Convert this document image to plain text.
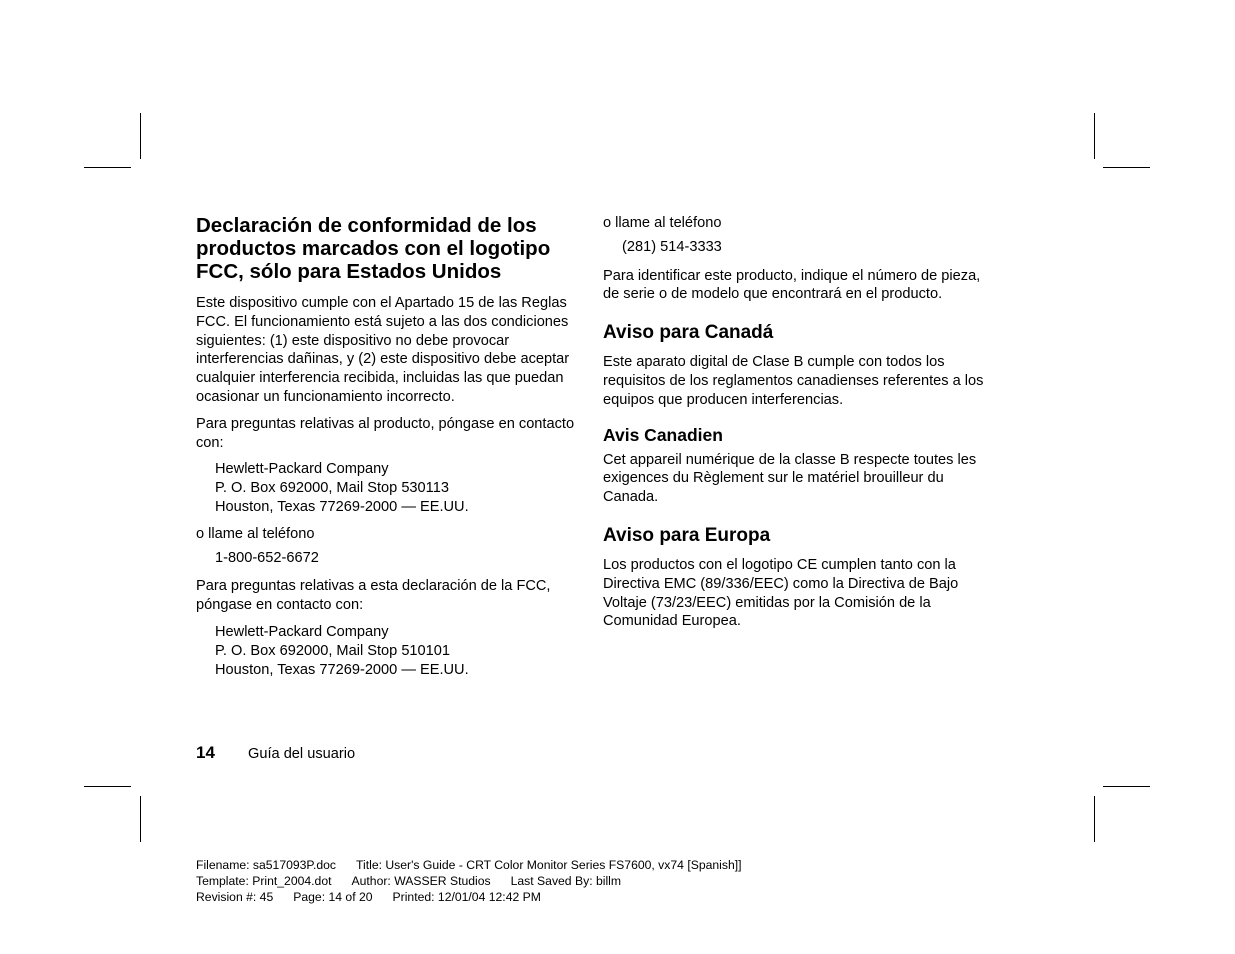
Declaración de conformidad de los productos marcados con el logotipo FCC, sólo para Estados Unidos

Este dispositivo cumple con el Apartado 15 de las Reglas FCC. El funcionamiento está sujeto a las dos condiciones siguientes: (1) este dispositivo no debe provocar interferencias dañinas, y (2) este dispositivo debe aceptar cualquier interferencia recibida, incluidas las que puedan ocasionar un funcionamiento incorrecto.

Para preguntas relativas al producto, póngase en contacto con:

Hewlett-Packard Company
P. O. Box 692000, Mail Stop 530113
Houston, Texas 77269-2000 — EE.UU.

o llame al teléfono

1-800-652-6672

Para preguntas relativas a esta declaración de la FCC, póngase en contacto con:

Hewlett-Packard Company
P. O. Box 692000, Mail Stop 510101
Houston, Texas 77269-2000 — EE.UU.

o llame al teléfono

(281) 514-3333

Para identificar este producto, indique el número de pieza, de serie o de modelo que encontrará en el producto.

Aviso para Canadá

Este aparato digital de Clase B cumple con todos los requisitos de los reglamentos canadienses referentes a los equipos que producen interferencias.

Avis Canadien

Cet appareil numérique de la classe B respecte toutes les exigences du Règlement sur le matériel brouilleur du Canada.

Aviso para Europa

Los productos con el logotipo CE cumplen tanto con la Directiva EMC (89/336/EEC) como la Directiva de Bajo Voltaje (73/23/EEC) emitidas por la Comisión de la Comunidad Europea.

14	Guía del usuario
Filename: sa517093P.doc Title: User's Guide - CRT Color Monitor Series FS7600, vx74 [Spanish]]
Template: Print_2004.dot Author: WASSER Studios Last Saved By: billm
Revision #: 45 Page: 14 of 20 Printed: 12/01/04 12:42 PM
